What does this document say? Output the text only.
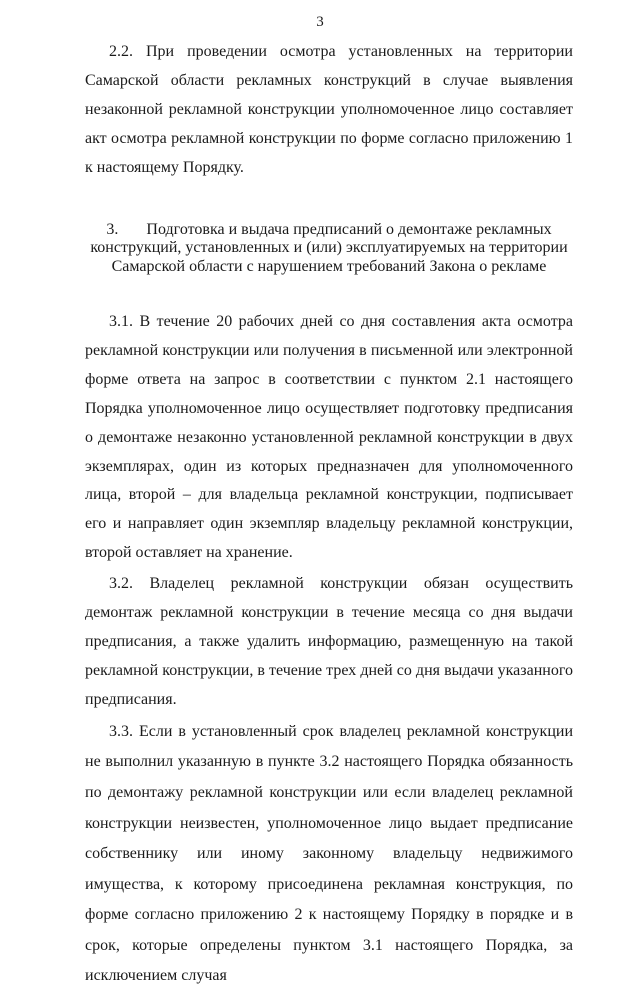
3

2.2. При проведении осмотра установленных на территории Самарской области рекламных конструкций в случае выявления незаконной рекламной конструкции уполномоченное лицо составляет акт осмотра рекламной конструкции по форме согласно приложению 1 к настоящему Порядку.

3. Подготовка и выдача предписаний о демонтаже рекламных конструкций, установленных и (или) эксплуатируемых на территории Самарской области с нарушением требований Закона о рекламе

3.1. В течение 20 рабочих дней со дня составления акта осмотра рекламной конструкции или получения в письменной или электронной форме ответа на запрос в соответствии с пунктом 2.1 настоящего Порядка уполномоченное лицо осуществляет подготовку предписания о демонтаже незаконно установленной рекламной конструкции в двух экземплярах, один из которых предназначен для уполномоченного лица, второй – для владельца рекламной конструкции, подписывает его и направляет один экземпляр владельцу рекламной конструкции, второй оставляет на хранение.

3.2. Владелец рекламной конструкции обязан осуществить демонтаж рекламной конструкции в течение месяца со дня выдачи предписания, а также удалить информацию, размещенную на такой рекламной конструкции, в течение трех дней со дня выдачи указанного предписания.

3.3. Если в установленный срок владелец рекламной конструкции не выполнил указанную в пункте 3.2 настоящего Порядка обязанность по демонтажу рекламной конструкции или если владелец рекламной конструкции неизвестен, уполномоченное лицо выдает предписание собственнику или иному законному владельцу недвижимого имущества, к которому присоединена рекламная конструкция, по форме согласно приложению 2 к настоящему Порядку в порядке и в срок, которые определены пунктом 3.1 настоящего Порядка, за исключением случая
